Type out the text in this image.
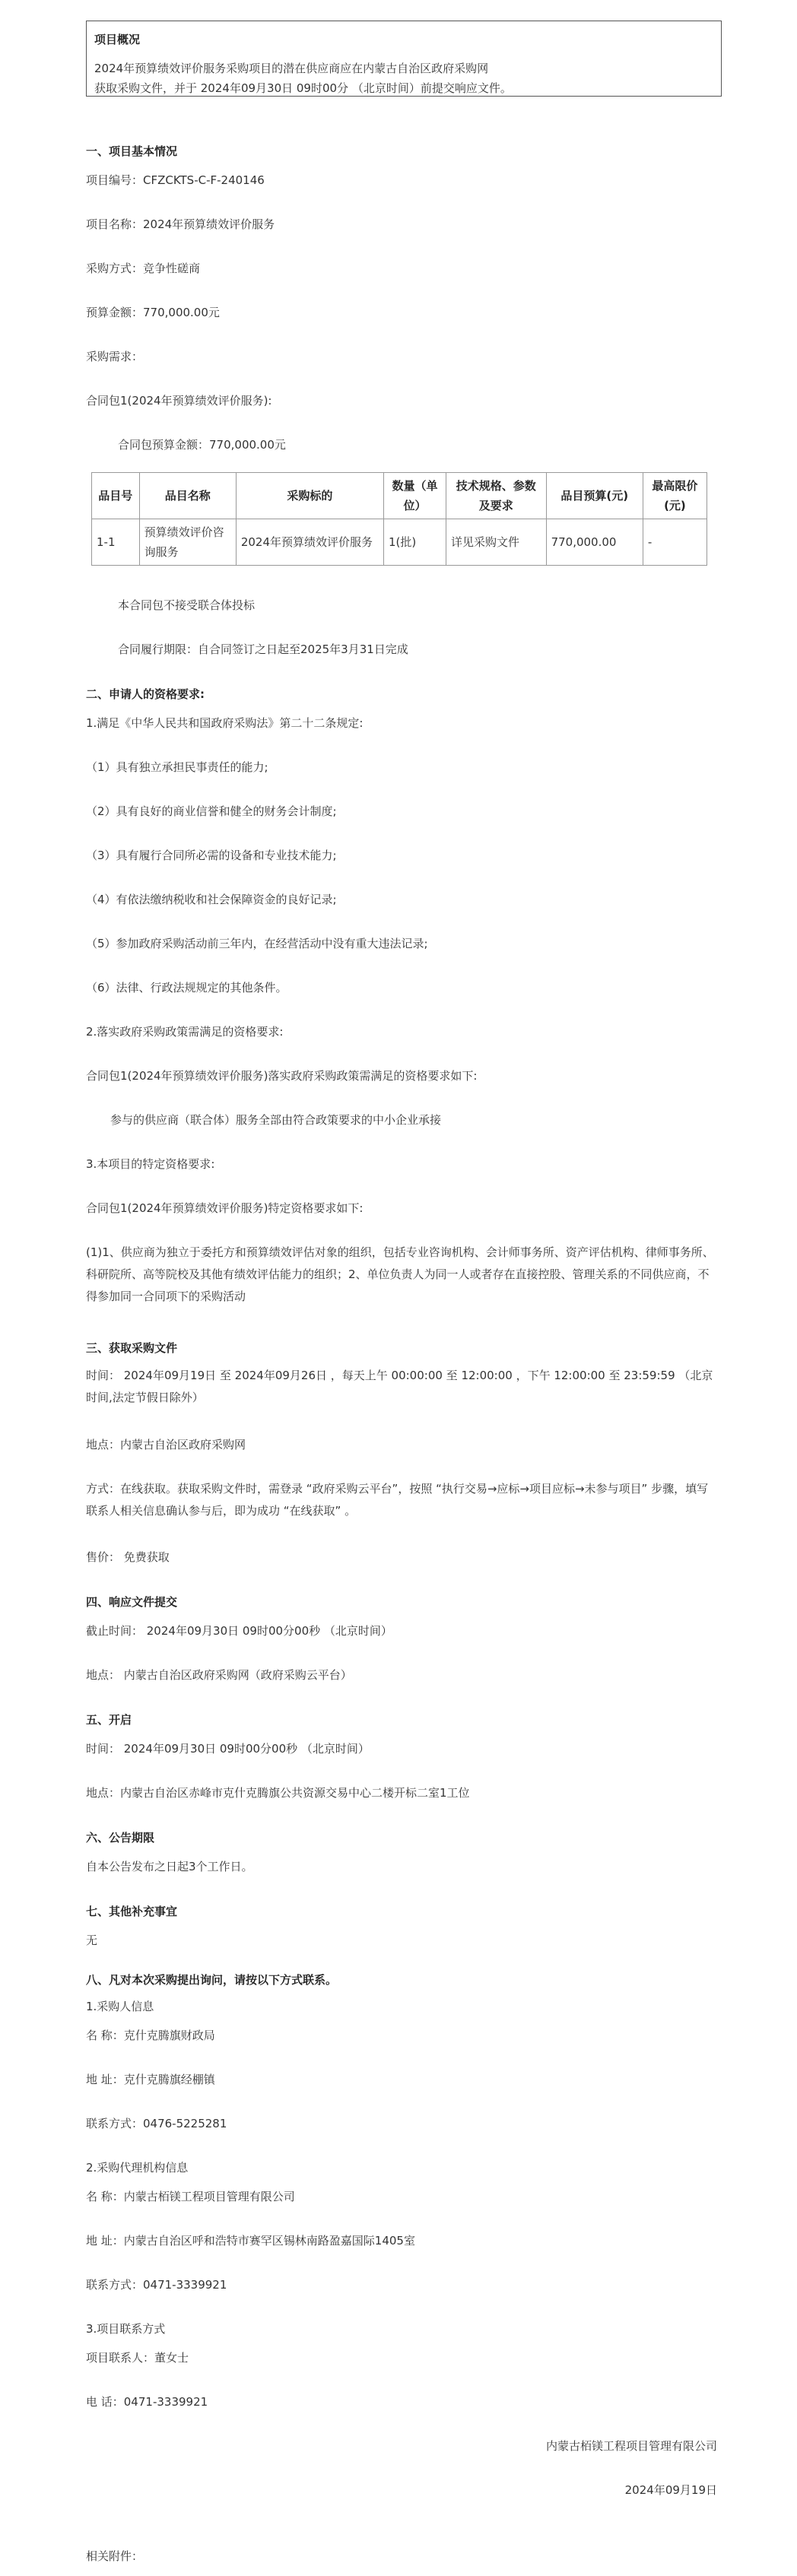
项目概况
2024年预算绩效评价服务采购项目的潜在供应商应在内蒙古自治区政府采购网
获取采购文件，并于 2024年09月30日 09时00分 （北京时间）前提交响应文件。
一、项目基本情况
项目编号：CFZCKTS-C-F-240146
项目名称：2024年预算绩效评价服务
采购方式：竞争性磋商
预算金额：770,000.00元
采购需求：
合同包1(2024年预算绩效评价服务):
合同包预算金额：770,000.00元
品目号	品目名称	采购标的	数量（单位）	技术规格、参数及要求	品目预算(元)	最高限价(元)
1-1	预算绩效评价咨询服务	2024年预算绩效评价服务	1(批)	详见采购文件	770,000.00	-
本合同包不接受联合体投标
合同履行期限：自合同签订之日起至2025年3月31日完成
二、申请人的资格要求:
1.满足《中华人民共和国政府采购法》第二十二条规定:
（1）具有独立承担民事责任的能力;
（2）具有良好的商业信誉和健全的财务会计制度;
（3）具有履行合同所必需的设备和专业技术能力;
（4）有依法缴纳税收和社会保障资金的良好记录;
（5）参加政府采购活动前三年内，在经营活动中没有重大违法记录;
（6）法律、行政法规规定的其他条件。
2.落实政府采购政策需满足的资格要求:
合同包1(2024年预算绩效评价服务)落实政府采购政策需满足的资格要求如下:
参与的供应商（联合体）服务全部由符合政策要求的中小企业承接
3.本项目的特定资格要求:
合同包1(2024年预算绩效评价服务)特定资格要求如下:
(1)1、供应商为独立于委托方和预算绩效评估对象的组织，包括专业咨询机构、会计师事务所、资产评估机构、律师事务所、科研院所、高等院校及其他有绩效评估能力的组织；2、单位负责人为同一人或者存在直接控股、管理关系的不同供应商，不得参加同一合同项下的采购活动
三、获取采购文件
时间： 2024年09月19日 至 2024年09月26日 ，每天上午 00:00:00 至 12:00:00 ，下午 12:00:00 至 23:59:59 （北京时间,法定节假日除外）
地点：内蒙古自治区政府采购网
方式：在线获取。获取采购文件时，需登录 “政府采购云平台”，按照 “执行交易→应标→项目应标→未参与项目” 步骤，填写联系人相关信息确认参与后，即为成功 “在线获取” 。
售价： 免费获取
四、响应文件提交
截止时间： 2024年09月30日 09时00分00秒 （北京时间）
地点： 内蒙古自治区政府采购网（政府采购云平台）
五、开启
时间： 2024年09月30日 09时00分00秒 （北京时间）
地点：内蒙古自治区赤峰市克什克腾旗公共资源交易中心二楼开标二室1工位
六、公告期限
自本公告发布之日起3个工作日。
七、其他补充事宜
无
八、凡对本次采购提出询问，请按以下方式联系。
1.采购人信息
名 称：克什克腾旗财政局
地 址：克什克腾旗经棚镇
联系方式：0476-5225281
2.采购代理机构信息
名 称：内蒙古栢镁工程项目管理有限公司
地 址：内蒙古自治区呼和浩特市赛罕区锡林南路盈嘉国际1405室
联系方式：0471-3339921
3.项目联系方式
项目联系人：董女士
电 话：0471-3339921
内蒙古栢镁工程项目管理有限公司
2024年09月19日
相关附件：
